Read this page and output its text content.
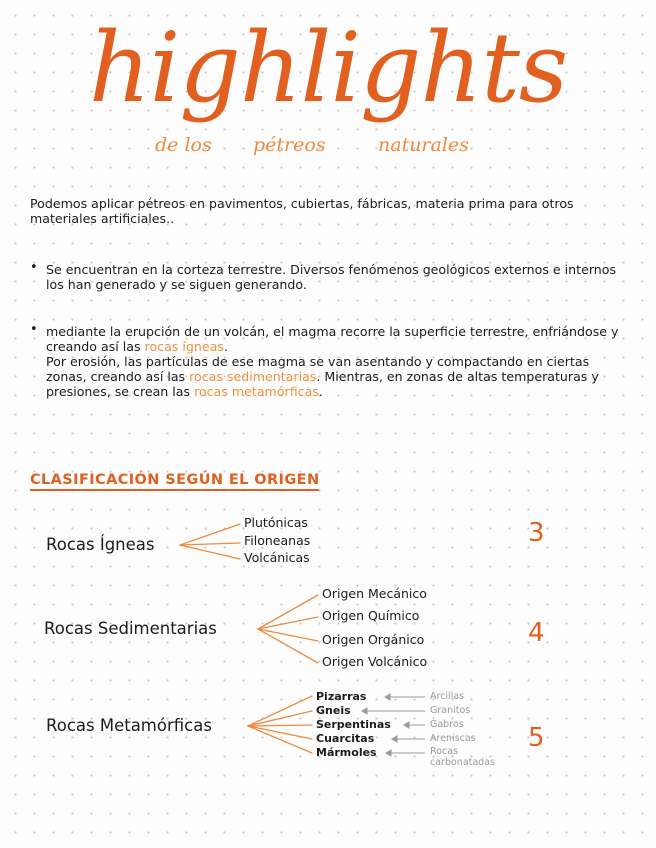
highlights
de los pétreos	naturales

Podemos aplicar pétreos en pavimentos, cubiertas, fábricas, materia prima para otros materiales artificiales..

• Se encuentran en la corteza terrestre. Diversos fenómenos geológicos externos e internos los han generado y se siguen generando.

• mediante la erupción de un volcán, el magma recorre la superficie terrestre, enfriándose y creando así las rocas ígneas.
Por erosión, las partículas de ese magma se van asentando y compactando en ciertas zonas, creando así las rocas sedimentarias. Mientras, en zonas de altas temperaturas y presiones, se crean las rocas metamórficas.

CLASIFICACIÓN SEGÚN EL ORIGEN
Rocas Ígneas
Plutónicas
Filoneanas
Volcánicas
3
Rocas Sedimentarias
Origen Mecánico
Origen Químico
Origen Orgánico
Origen Volcánico
4
Rocas Metamórficas
Pizarras
Gneis
Serpentinas
Cuarcitas
Mármoles
Arcillas
Granitos
Gabros
Areniscas
Rocas carbonatadas
5
